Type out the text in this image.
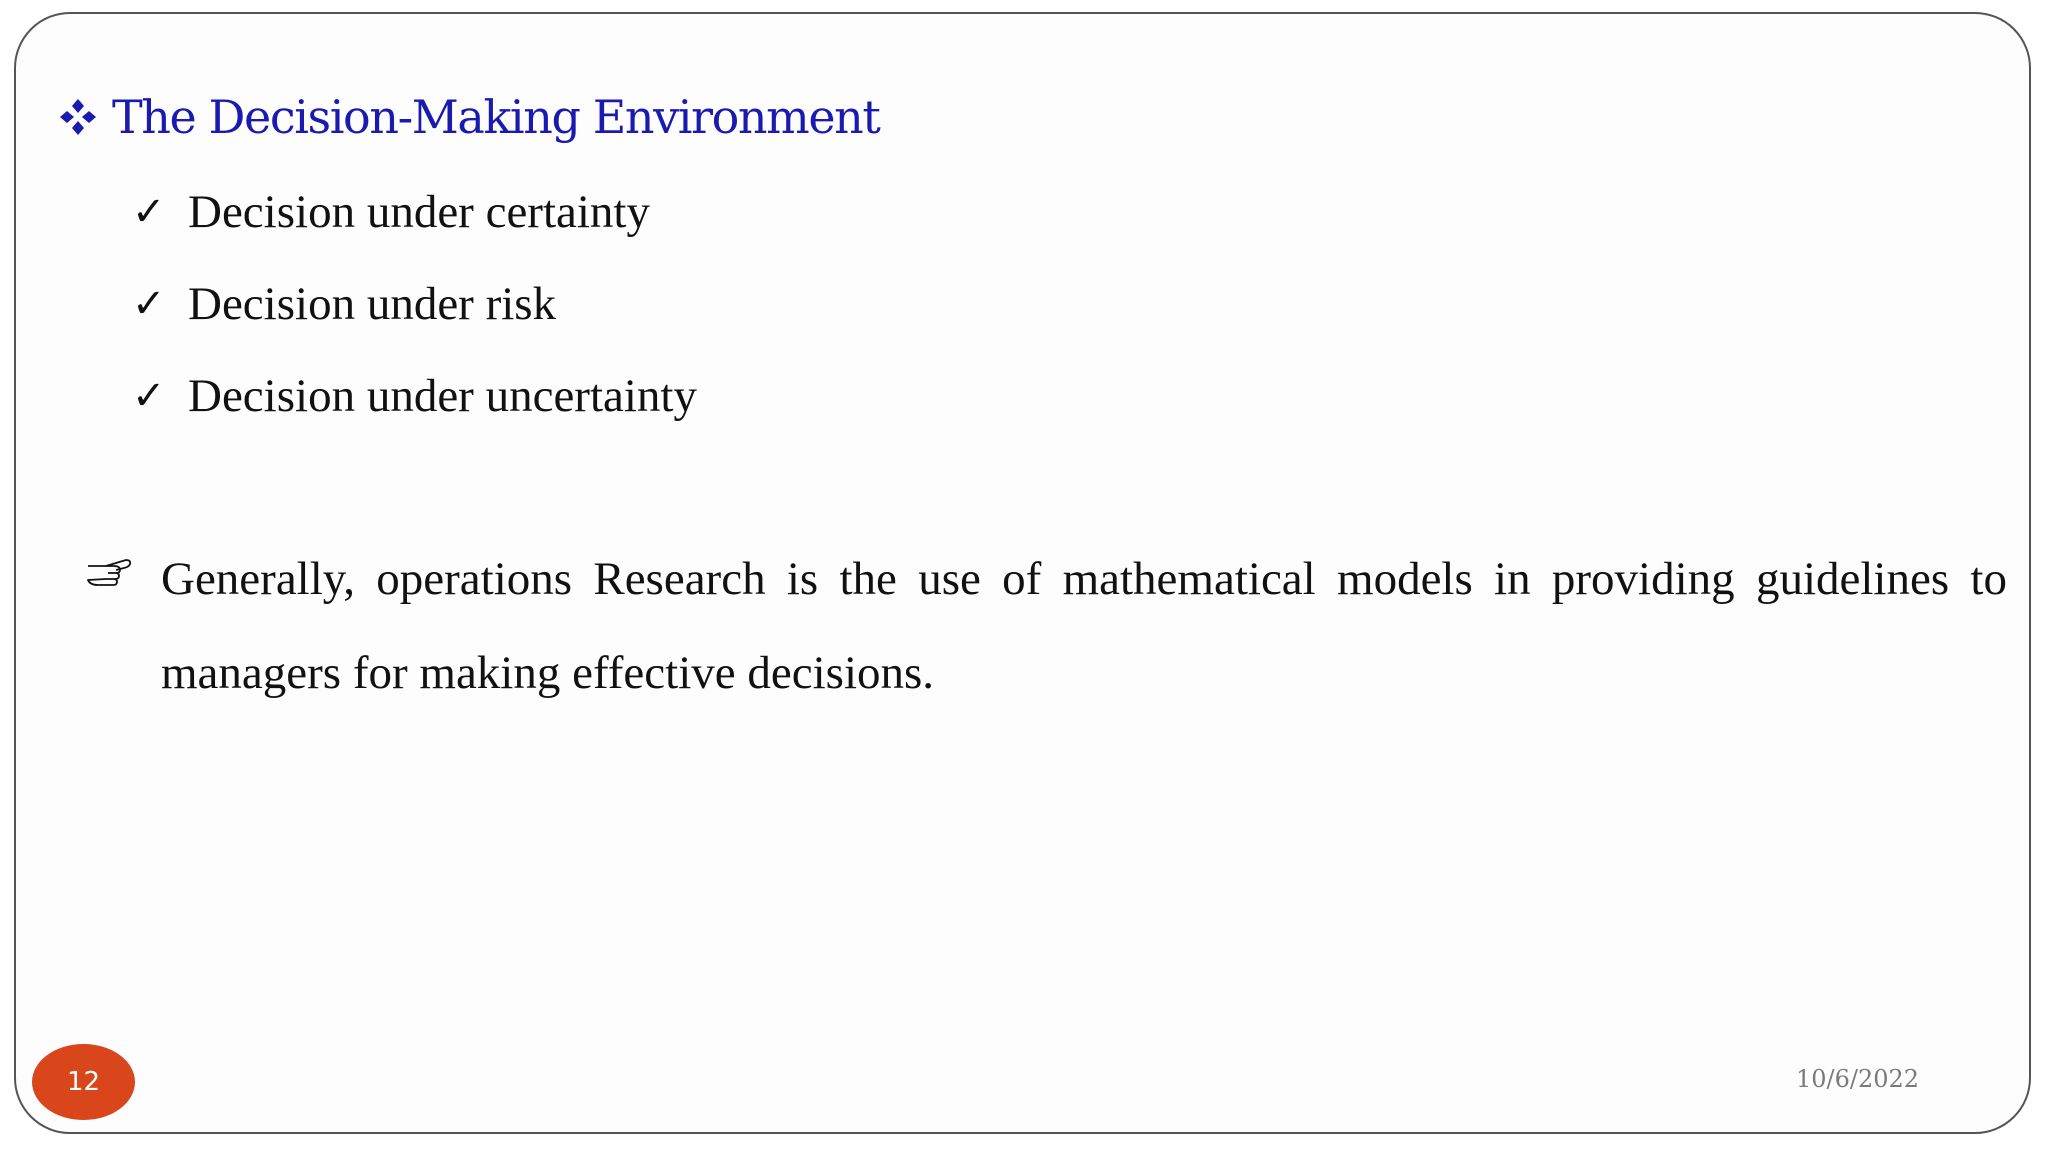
The Decision-Making Environment
✓ Decision under certainty
✓ Decision under risk
✓ Decision under uncertainty
Generally, operations Research is the use of mathematical models in providing guidelines to
managers for making effective decisions.
12	10/6/2022
